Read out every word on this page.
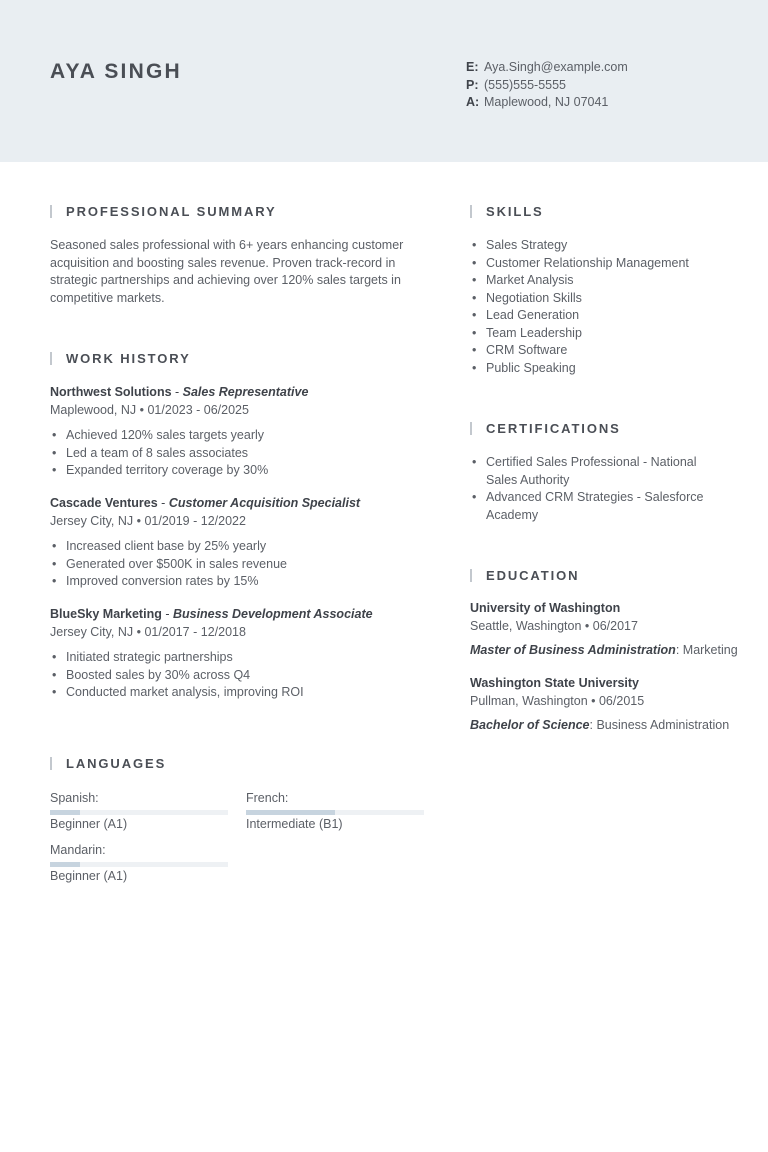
AYA SINGH	E: Aya.Singh@example.com
P: (555)555-5555
A: Maplewood, NJ 07041
PROFESSIONAL SUMMARY
Seasoned sales professional with 6+ years enhancing customer acquisition and boosting sales revenue. Proven track-record in strategic partnerships and achieving over 120% sales targets in competitive markets.
WORK HISTORY
Northwest Solutions - Sales Representative
Maplewood, NJ • 01/2023 - 06/2025
• Achieved 120% sales targets yearly
• Led a team of 8 sales associates
• Expanded territory coverage by 30%
Cascade Ventures - Customer Acquisition Specialist
Jersey City, NJ • 01/2019 - 12/2022
• Increased client base by 25% yearly
• Generated over $500K in sales revenue
• Improved conversion rates by 15%
BlueSky Marketing - Business Development Associate
Jersey City, NJ • 01/2017 - 12/2018
• Initiated strategic partnerships
• Boosted sales by 30% across Q4
• Conducted market analysis, improving ROI
SKILLS
• Sales Strategy
• Customer Relationship Management
• Market Analysis
• Negotiation Skills
• Lead Generation
• Team Leadership
• CRM Software
• Public Speaking
CERTIFICATIONS
• Certified Sales Professional - National Sales Authority
• Advanced CRM Strategies - Salesforce Academy
EDUCATION
University of Washington
Seattle, Washington • 06/2017
Master of Business Administration: Marketing
Washington State University
Pullman, Washington • 06/2015
Bachelor of Science: Business Administration
LANGUAGES
Spanish:
Beginner (A1)
French:
Intermediate (B1)
Mandarin:
Beginner (A1)
